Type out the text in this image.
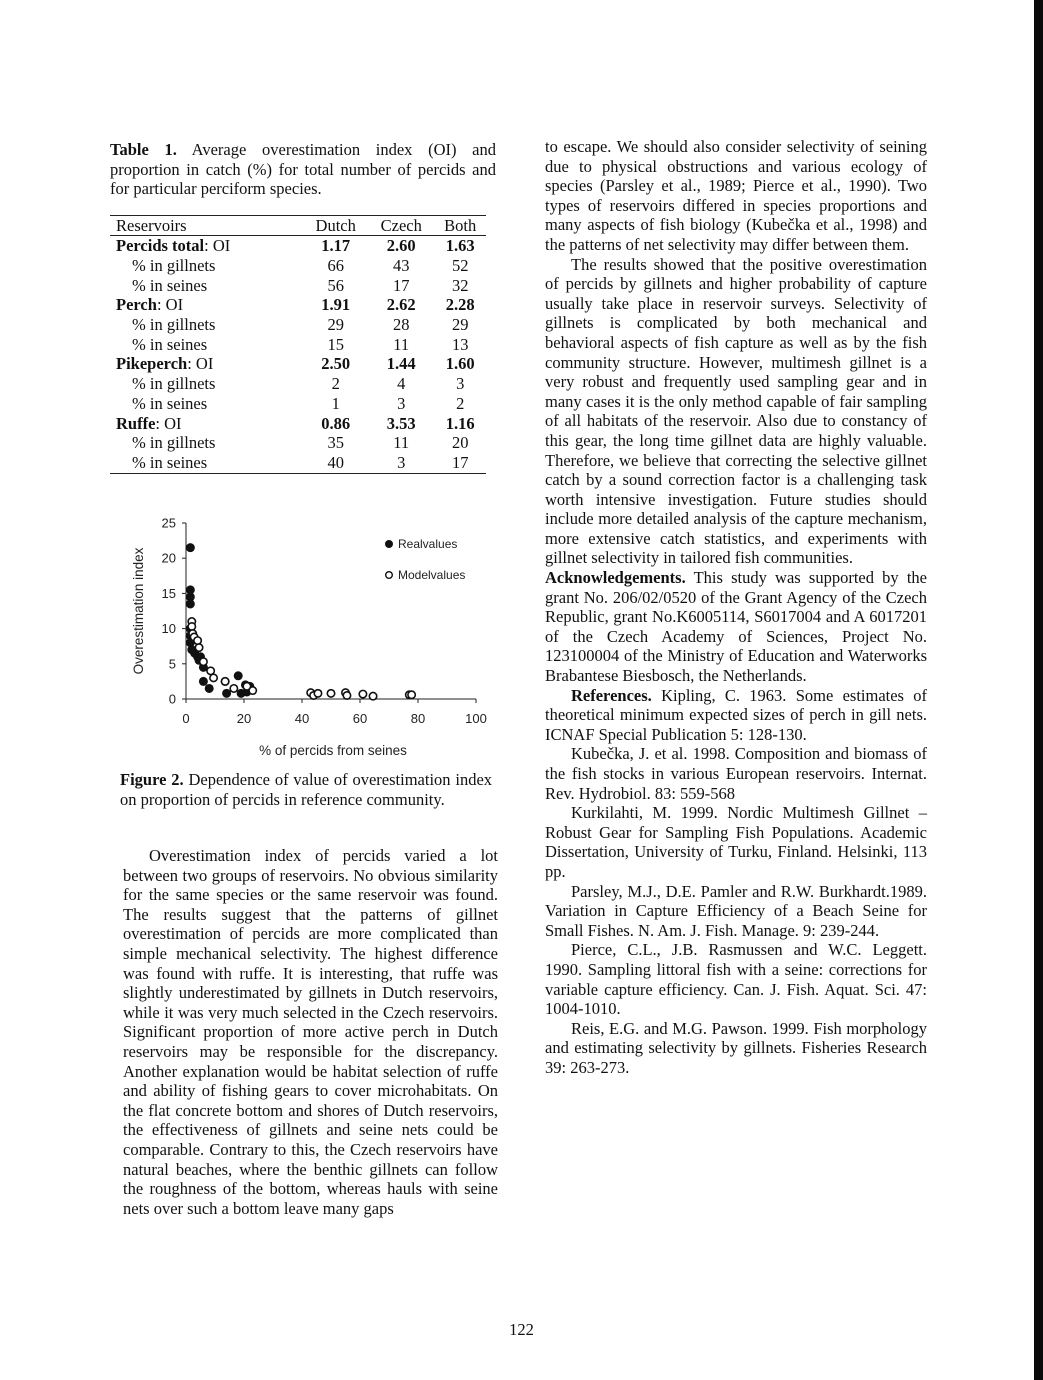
Table 1. Average overestimation index (OI) and proportion in catch (%) for total number of percids and for particular perciform species.

Reservoirs	Dutch	Czech	Both
Percids total: OI	1.17	2.60	1.63
% in gillnets	66	43	52
% in seines	56	17	32
Perch: OI	1.91	2.62	2.28
% in gillnets	29	28	29
% in seines	15	11	13
Pikeperch: OI	2.50	1.44	1.60
% in gillnets	2	4	3
% in seines	1	3	2
Ruffe: OI	0.86	3.53	1.16
% in gillnets	35	11	20
% in seines	40	3	17
0
5
10
15
20
25
0	20	40	60	80	100
% of percids from seines
Overestimation index
Realvalues
Modelvalues

Figure 2. Dependence of value of overestimation index on proportion of percids in reference community.

Overestimation index of percids varied a lot between two groups of reservoirs. No obvious similarity for the same species or the same reservoir was found. The results suggest that the patterns of gillnet overestimation of percids are more complicated than simple mechanical selectivity. The highest difference was found with ruffe. It is interesting, that ruffe was slightly underestimated by gillnets in Dutch reservoirs, while it was very much selected in the Czech reservoirs. Significant proportion of more active perch in Dutch reservoirs may be responsible for the discrepancy. Another explanation would be habitat selection of ruffe and ability of fishing gears to cover microhabitats. On the flat concrete bottom and shores of Dutch reservoirs, the effectiveness of gillnets and seine nets could be comparable. Contrary to this, the Czech reservoirs have natural beaches, where the benthic gillnets can follow the roughness of the bottom, whereas hauls with seine nets over such a bottom leave many gaps

to escape. We should also consider selectivity of seining due to physical obstructions and various ecology of species (Parsley et al., 1989; Pierce et al., 1990). Two types of reservoirs differed in species proportions and many aspects of fish biology (Kubečka et al., 1998) and the patterns of net selectivity may differ between them.

The results showed that the positive overestimation of percids by gillnets and higher probability of capture usually take place in reservoir surveys. Selectivity of gillnets is complicated by both mechanical and behavioral aspects of fish capture as well as by the fish community structure. However, multimesh gillnet is a very robust and frequently used sampling gear and in many cases it is the only method capable of fair sampling of all habitats of the reservoir. Also due to constancy of this gear, the long time gillnet data are highly valuable. Therefore, we believe that correcting the selective gillnet catch by a sound correction factor is a challenging task worth intensive investigation. Future studies should include more detailed analysis of the capture mechanism, more extensive catch statistics, and experiments with gillnet selectivity in tailored fish communities.

Acknowledgements. This study was supported by the grant No. 206/02/0520 of the Grant Agency of the Czech Republic, grant No.K6005114, S6017004 and A 6017201 of the Czech Academy of Sciences, Project No. 123100004 of the Ministry of Education and Waterworks Brabantese Biesbosch, the Netherlands.

References. Kipling, C. 1963. Some estimates of theoretical minimum expected sizes of perch in gill nets. ICNAF Special Publication 5: 128-130.

Kubečka, J. et al. 1998. Composition and biomass of the fish stocks in various European reservoirs. Internat. Rev. Hydrobiol. 83: 559-568

Kurkilahti, M. 1999. Nordic Multimesh Gillnet – Robust Gear for Sampling Fish Populations. Academic Dissertation, University of Turku, Finland. Helsinki, 113 pp.

Parsley, M.J., D.E. Pamler and R.W. Burkhardt.1989. Variation in Capture Efficiency of a Beach Seine for Small Fishes. N. Am. J. Fish. Manage. 9: 239-244.

Pierce, C.L., J.B. Rasmussen and W.C. Leggett. 1990. Sampling littoral fish with a seine: corrections for variable capture efficiency. Can. J. Fish. Aquat. Sci. 47: 1004-1010.

Reis, E.G. and M.G. Pawson. 1999. Fish morphology and estimating selectivity by gillnets. Fisheries Research 39: 263-273.

122
